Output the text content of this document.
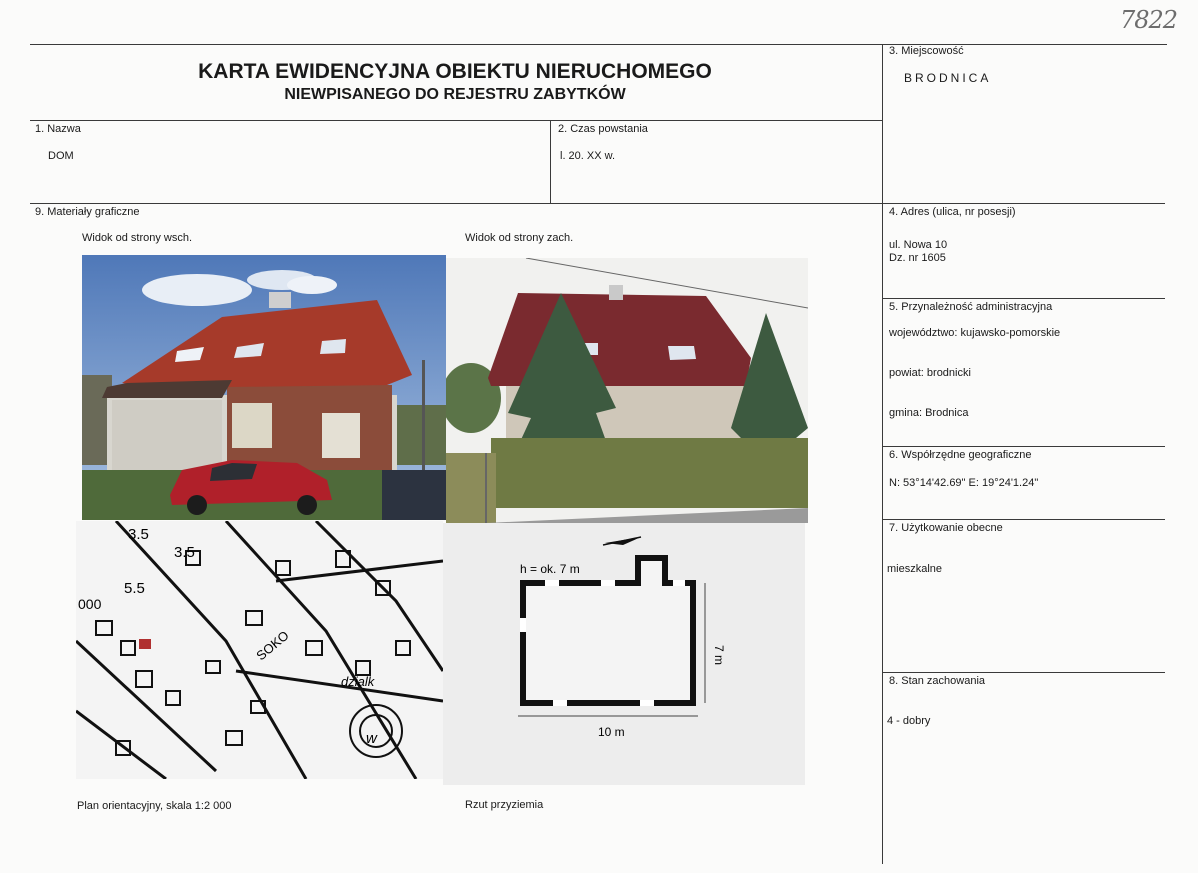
7822
KARTA EWIDENCYJNA OBIEKTU NIERUCHOMEGO
NIEWPISANEGO DO REJESTRU ZABYTKÓW
3. Miejscowość
BRODNICA
1. Nazwa
DOM
2. Czas powstania
l. 20. XX w.
9. Materiały graficzne
Widok od strony wsch.	Widok od strony zach.
3.5
3.5
5.5
000
SOKO
dzialk
w
h = ok. 7 m
10 m
7 m
Plan orientacyjny, skala 1:2 000	Rzut przyziemia
4. Adres (ulica, nr posesji)
ul. Nowa 10
Dz. nr 1605
5. Przynależność administracyjna
województwo: kujawsko-pomorskie
powiat: brodnicki
gmina: Brodnica
6. Współrzędne geograficzne
N: 53°14'42.69" E: 19°24'1.24"
7. Użytkowanie obecne
mieszkalne
8. Stan zachowania
4 - dobry
